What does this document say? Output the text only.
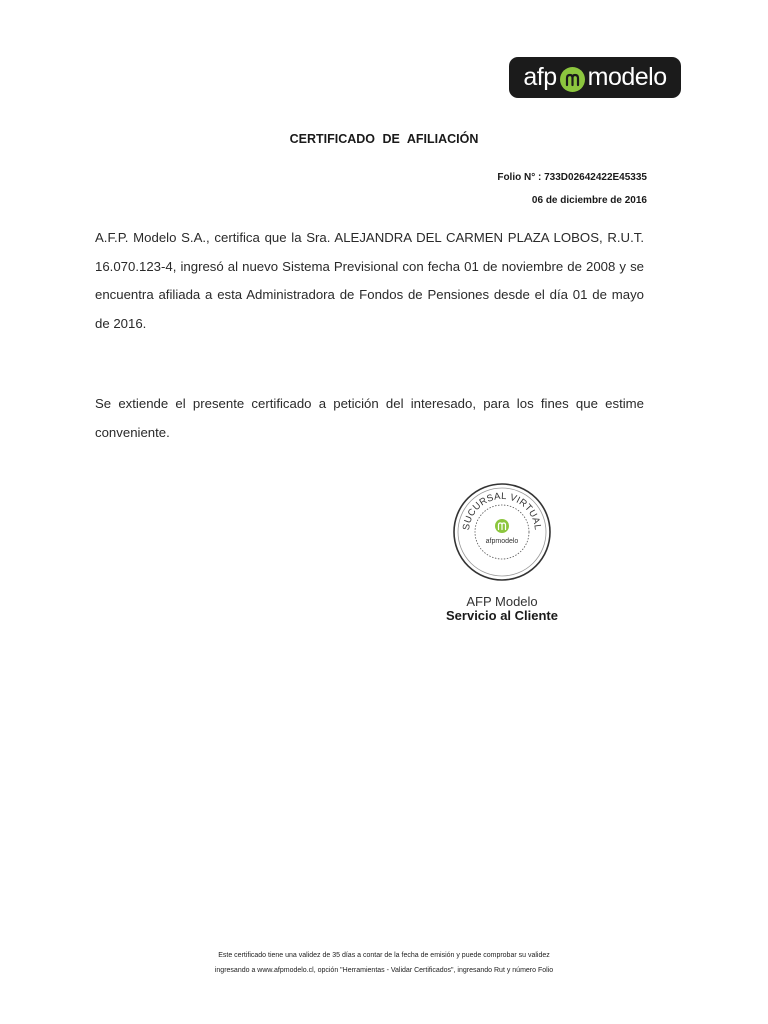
afp modelo
CERTIFICADO DE AFILIACIÓN
Folio N° : 733D02642422E45335
06 de diciembre de 2016
A.F.P. Modelo S.A., certifica que la Sra. ALEJANDRA DEL CARMEN PLAZA LOBOS, R.U.T. 16.070.123-4, ingresó al nuevo Sistema Previsional con fecha 01 de noviembre de 2008 y se encuentra afiliada a esta Administradora de Fondos de Pensiones desde el día 01 de mayo de 2016.
Se extiende el presente certificado a petición del interesado, para los fines que estime conveniente.
SUCURSAL VIRTUAL
afpmodelo
AFP Modelo
Servicio al Cliente
Este certificado tiene una validez de 35 días a contar de la fecha de emisión y puede comprobar su validez
ingresando a www.afpmodelo.cl, opción "Herramientas - Validar Certificados", ingresando Rut y número Folio
